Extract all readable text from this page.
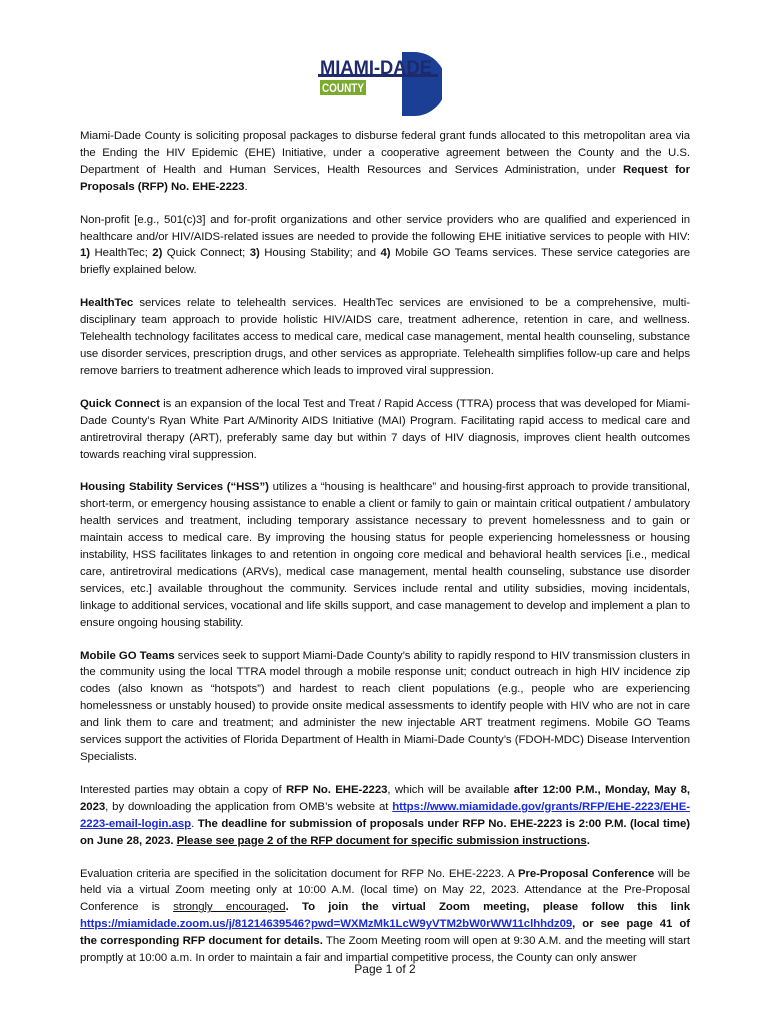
MIAMI-DADE
COUNTY

Miami-Dade County is soliciting proposal packages to disburse federal grant funds allocated to this metropolitan area via the Ending the HIV Epidemic (EHE) Initiative, under a cooperative agreement between the County and the U.S. Department of Health and Human Services, Health Resources and Services Administration, under Request for Proposals (RFP) No. EHE-2223.

Non-profit [e.g., 501(c)3] and for-profit organizations and other service providers who are qualified and experienced in healthcare and/or HIV/AIDS-related issues are needed to provide the following EHE initiative services to people with HIV: 1) HealthTec; 2) Quick Connect; 3) Housing Stability; and 4) Mobile GO Teams services. These service categories are briefly explained below.

HealthTec services relate to telehealth services. HealthTec services are envisioned to be a comprehensive, multi-disciplinary team approach to provide holistic HIV/AIDS care, treatment adherence, retention in care, and wellness. Telehealth technology facilitates access to medical care, medical case management, mental health counseling, substance use disorder services, prescription drugs, and other services as appropriate. Telehealth simplifies follow-up care and helps remove barriers to treatment adherence which leads to improved viral suppression.

Quick Connect is an expansion of the local Test and Treat / Rapid Access (TTRA) process that was developed for Miami-Dade County’s Ryan White Part A/Minority AIDS Initiative (MAI) Program. Facilitating rapid access to medical care and antiretroviral therapy (ART), preferably same day but within 7 days of HIV diagnosis, improves client health outcomes towards reaching viral suppression.

Housing Stability Services (“HSS”) utilizes a “housing is healthcare” and housing-first approach to provide transitional, short-term, or emergency housing assistance to enable a client or family to gain or maintain critical outpatient / ambulatory health services and treatment, including temporary assistance necessary to prevent homelessness and to gain or maintain access to medical care. By improving the housing status for people experiencing homelessness or housing instability, HSS facilitates linkages to and retention in ongoing core medical and behavioral health services [i.e., medical care, antiretroviral medications (ARVs), medical case management, mental health counseling, substance use disorder services, etc.] available throughout the community. Services include rental and utility subsidies, moving incidentals, linkage to additional services, vocational and life skills support, and case management to develop and implement a plan to ensure ongoing housing stability.

Mobile GO Teams services seek to support Miami-Dade County’s ability to rapidly respond to HIV transmission clusters in the community using the local TTRA model through a mobile response unit; conduct outreach in high HIV incidence zip codes (also known as “hotspots”) and hardest to reach client populations (e.g., people who are experiencing homelessness or unstably housed) to provide onsite medical assessments to identify people with HIV who are not in care and link them to care and treatment; and administer the new injectable ART treatment regimens. Mobile GO Teams services support the activities of Florida Department of Health in Miami-Dade County’s (FDOH-MDC) Disease Intervention Specialists.

Interested parties may obtain a copy of RFP No. EHE-2223, which will be available after 12:00 P.M., Monday, May 8, 2023, by downloading the application from OMB’s website at https://www.miamidade.gov/grants/RFP/EHE-2223/EHE-2223-email-login.asp. The deadline for submission of proposals under RFP No. EHE-2223 is 2:00 P.M. (local time) on June 28, 2023. Please see page 2 of the RFP document for specific submission instructions.

Evaluation criteria are specified in the solicitation document for RFP No. EHE-2223. A Pre-Proposal Conference will be held via a virtual Zoom meeting only at 10:00 A.M. (local time) on May 22, 2023. Attendance at the Pre-Proposal Conference is strongly encouraged. To join the virtual Zoom meeting, please follow this link https://miamidade.zoom.us/j/81214639546?pwd=WXMzMk1LcW9yVTM2bW0rWW11clhhdz09, or see page 41 of the corresponding RFP document for details. The Zoom Meeting room will open at 9:30 A.M. and the meeting will start promptly at 10:00 a.m. In order to maintain a fair and impartial competitive process, the County can only answer

Page 1 of 2
